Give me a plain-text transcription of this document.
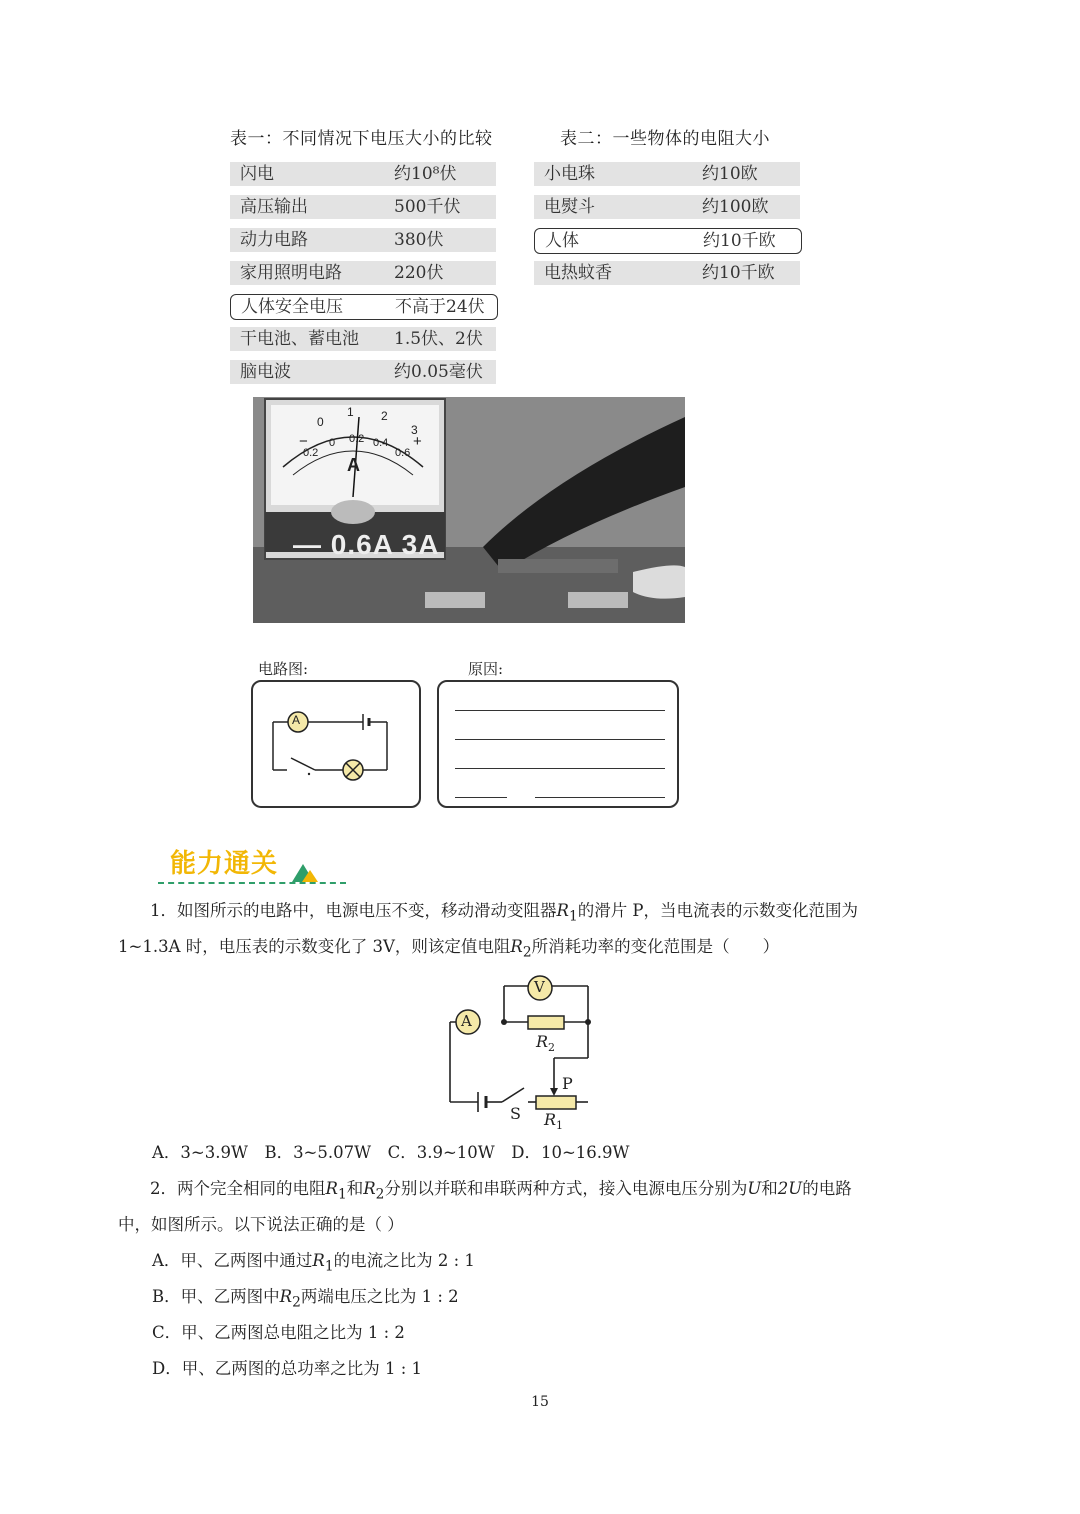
表一：不同情况下电压大小的比较
闪电	约10⁸伏
高压输出	500千伏
动力电路	380伏
家用照明电路	220伏
人体安全电压	不高于24伏
干电池、蓄电池 1.5伏、2伏
脑电波	约0.05毫伏
表二：一些物体的电阻大小
小电珠	约10欧
电熨斗	约100欧
人体	约10千欧
电热蚊香	约10千欧
−	+
0
1 2
3
0.2
0 0.2 0.4
0.6
A
— 0.6A 3A
电路图:	原因:
A
能力通关
1．如图所示的电路中，电源电压不变，移动滑动变阻器$R_1$的滑片 P，当电流表的示数变化范围为
1~1.3A 时，电压表的示数变化了 3V，则该定值电阻$R_2$所消耗功率的变化范围是（　　）
V
A
$R_2$
P
S $R_1$
A．3~3.9W　B．3~5.07W　C．3.9~10W　D．10~16.9W
2．两个完全相同的电阻$R_1$和$R_2$分别以并联和串联两种方式，接入电源电压分别为U和2U的电路
中，如图所示。以下说法正确的是（ ）
A．甲、乙两图中通过$R_1$的电流之比为 2 : 1
B．甲、乙两图中$R_2$两端电压之比为 1 : 2
C．甲、乙两图总电阻之比为 1 : 2
D．甲、乙两图的总功率之比为 1 : 1
15
